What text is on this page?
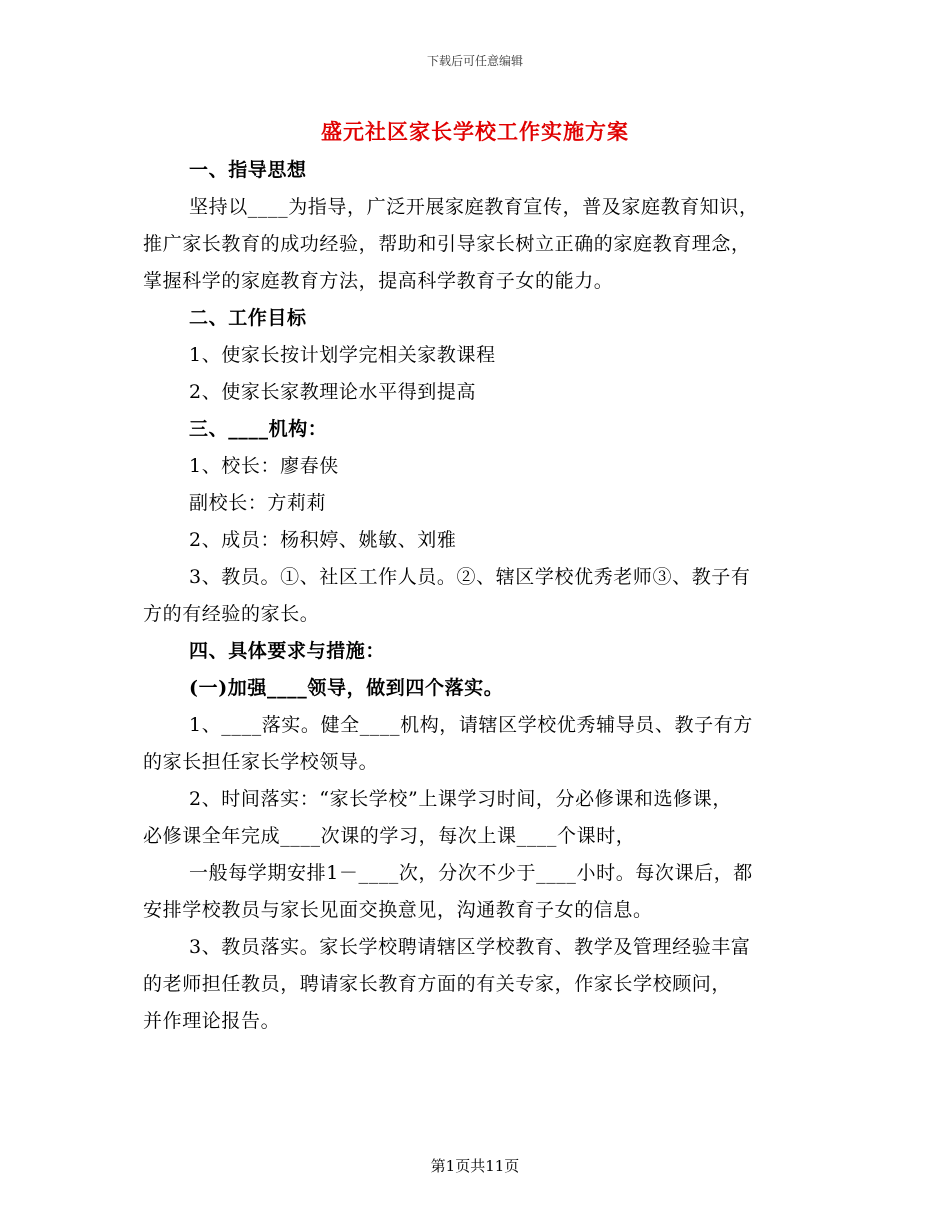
下载后可任意编辑
盛元社区家长学校工作实施方案
一、指导思想
坚持以____为指导，广泛开展家庭教育宣传，普及家庭教育知识，
推广家长教育的成功经验，帮助和引导家长树立正确的家庭教育理念，
掌握科学的家庭教育方法，提高科学教育子女的能力。
二、工作目标
1、使家长按计划学完相关家教课程
2、使家长家教理论水平得到提高
三、____机构：
1、校长：廖春侠
副校长：方莉莉
2、成员：杨积婷、姚敏、刘雅
3、教员。①、社区工作人员。②、辖区学校优秀老师③、教子有
方的有经验的家长。
四、具体要求与措施：
(一)加强____领导，做到四个落实。
1、____落实。健全____机构，请辖区学校优秀辅导员、教子有方
的家长担任家长学校领导。
2、时间落实：“家长学校”上课学习时间，分必修课和选修课，
必修课全年完成____次课的学习，每次上课____个课时，
一般每学期安排1－____次，分次不少于____小时。每次课后，都
安排学校教员与家长见面交换意见，沟通教育子女的信息。
3、教员落实。家长学校聘请辖区学校教育、教学及管理经验丰富
的老师担任教员，聘请家长教育方面的有关专家，作家长学校顾问，
并作理论报告。
第1页共11页
